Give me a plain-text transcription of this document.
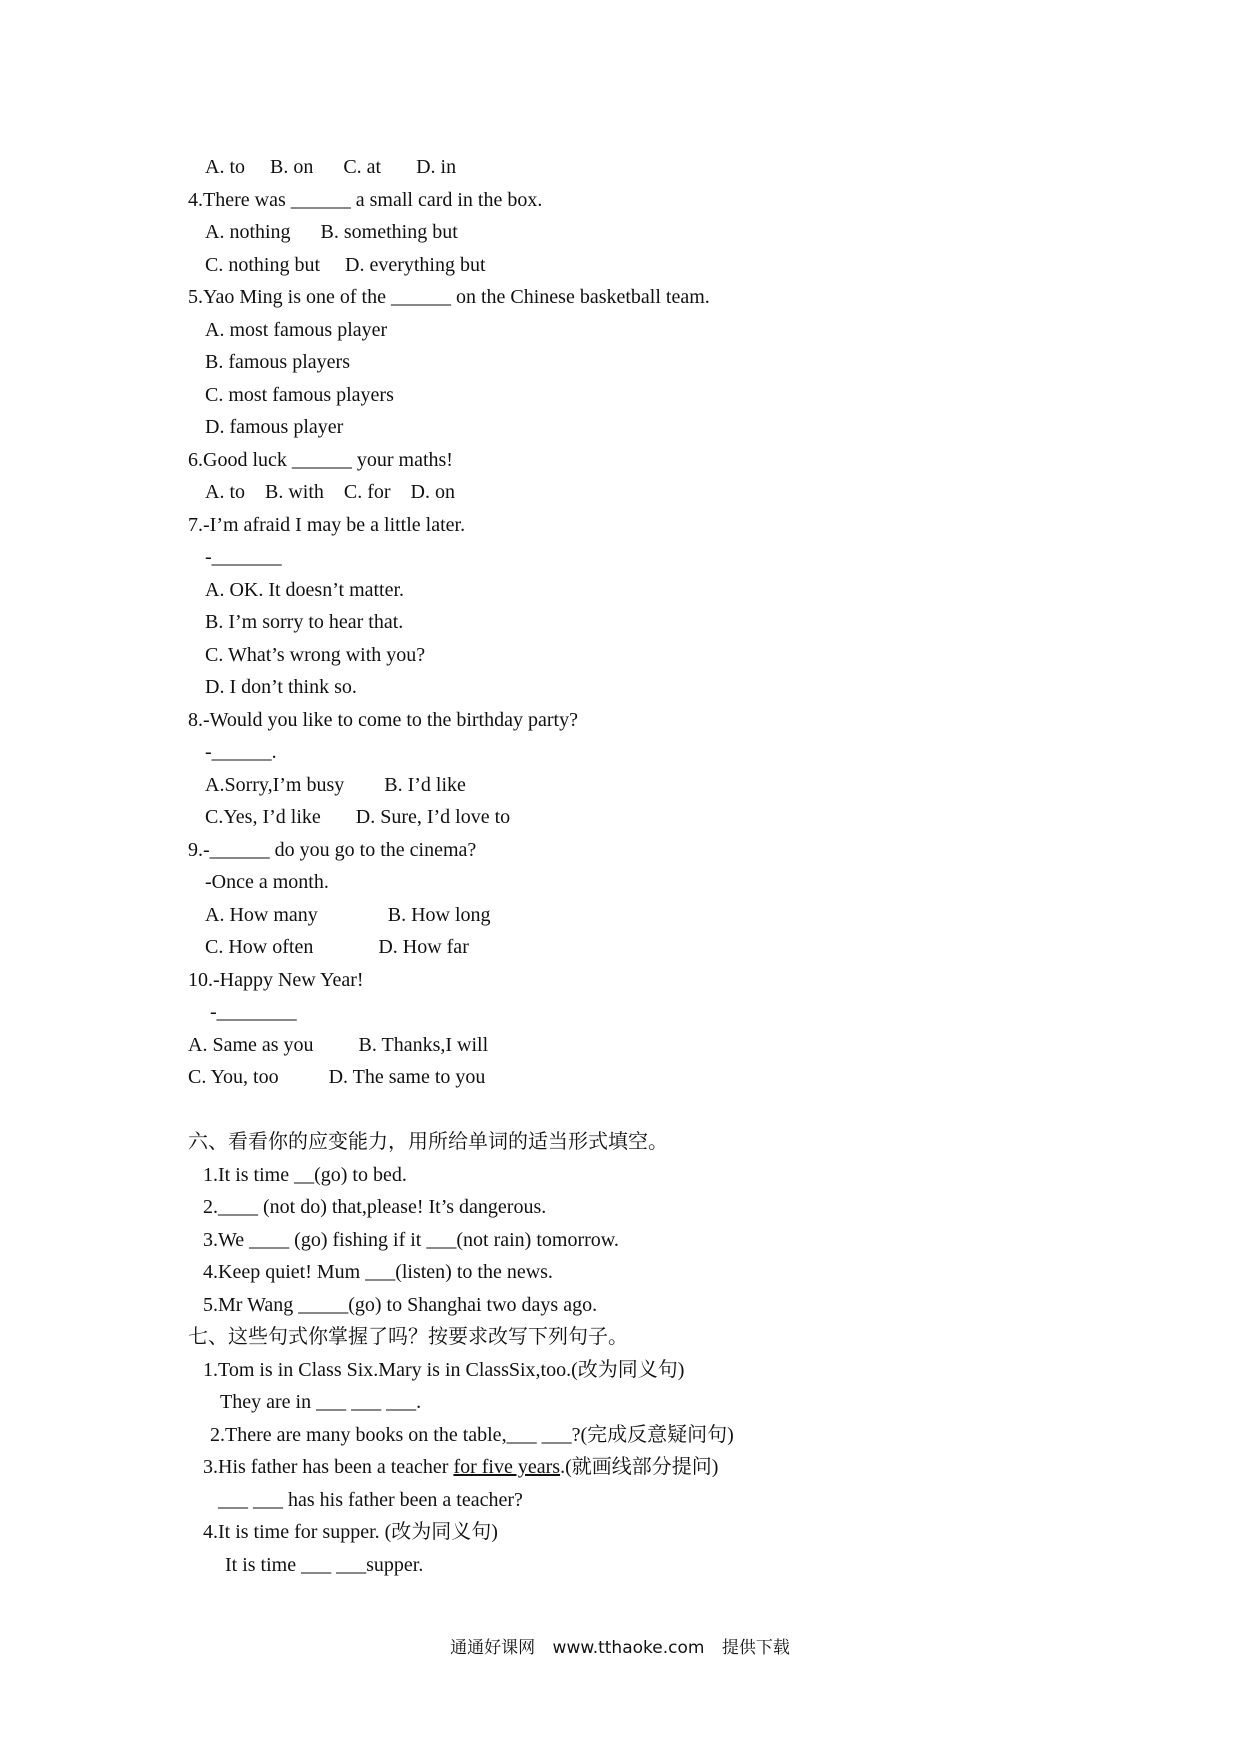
A. to     B. on      C. at       D. in
4.There was ______ a small card in the box.
A. nothing      B. something but
C. nothing but     D. everything but
5.Yao Ming is one of the ______ on the Chinese basketball team.
A. most famous player
B. famous players
C. most famous players
D. famous player
6.Good luck ______ your maths!
A. to    B. with    C. for    D. on
7.-I’m afraid I may be a little later.
-_______
A. OK. It doesn’t matter.
B. I’m sorry to hear that.
C. What’s wrong with you?
D. I don’t think so.
8.-Would you like to come to the birthday party?
-______.
A.Sorry,I’m busy        B. I’d like
C.Yes, I’d like       D. Sure, I’d love to
9.-______ do you go to the cinema?
-Once a month.
A. How many              B. How long
C. How often             D. How far
10.-Happy New Year!
-________
A. Same as you         B. Thanks,I will
C. You, too          D. The same to you
六、看看你的应变能力，用所给单词的适当形式填空。
1.It is time __(go) to bed.
2.____ (not do) that,please! It’s dangerous.
3.We ____ (go) fishing if it ___(not rain) tomorrow.
4.Keep quiet! Mum ___(listen) to the news.
5.Mr Wang _____(go) to Shanghai two days ago.
七、这些句式你掌握了吗？按要求改写下列句子。
1.Tom is in Class Six.Mary is in ClassSix,too.(改为同义句)
They are in ___ ___ ___.
2.There are many books on the table,___ ___?(完成反意疑问句)
3.His father has been a teacher for five years.(就画线部分提问)
___ ___ has his father been a teacher?
4.It is time for supper. (改为同义句)
It is time ___ ___supper.
通通好课网 www.tthaoke.com 提供下载
